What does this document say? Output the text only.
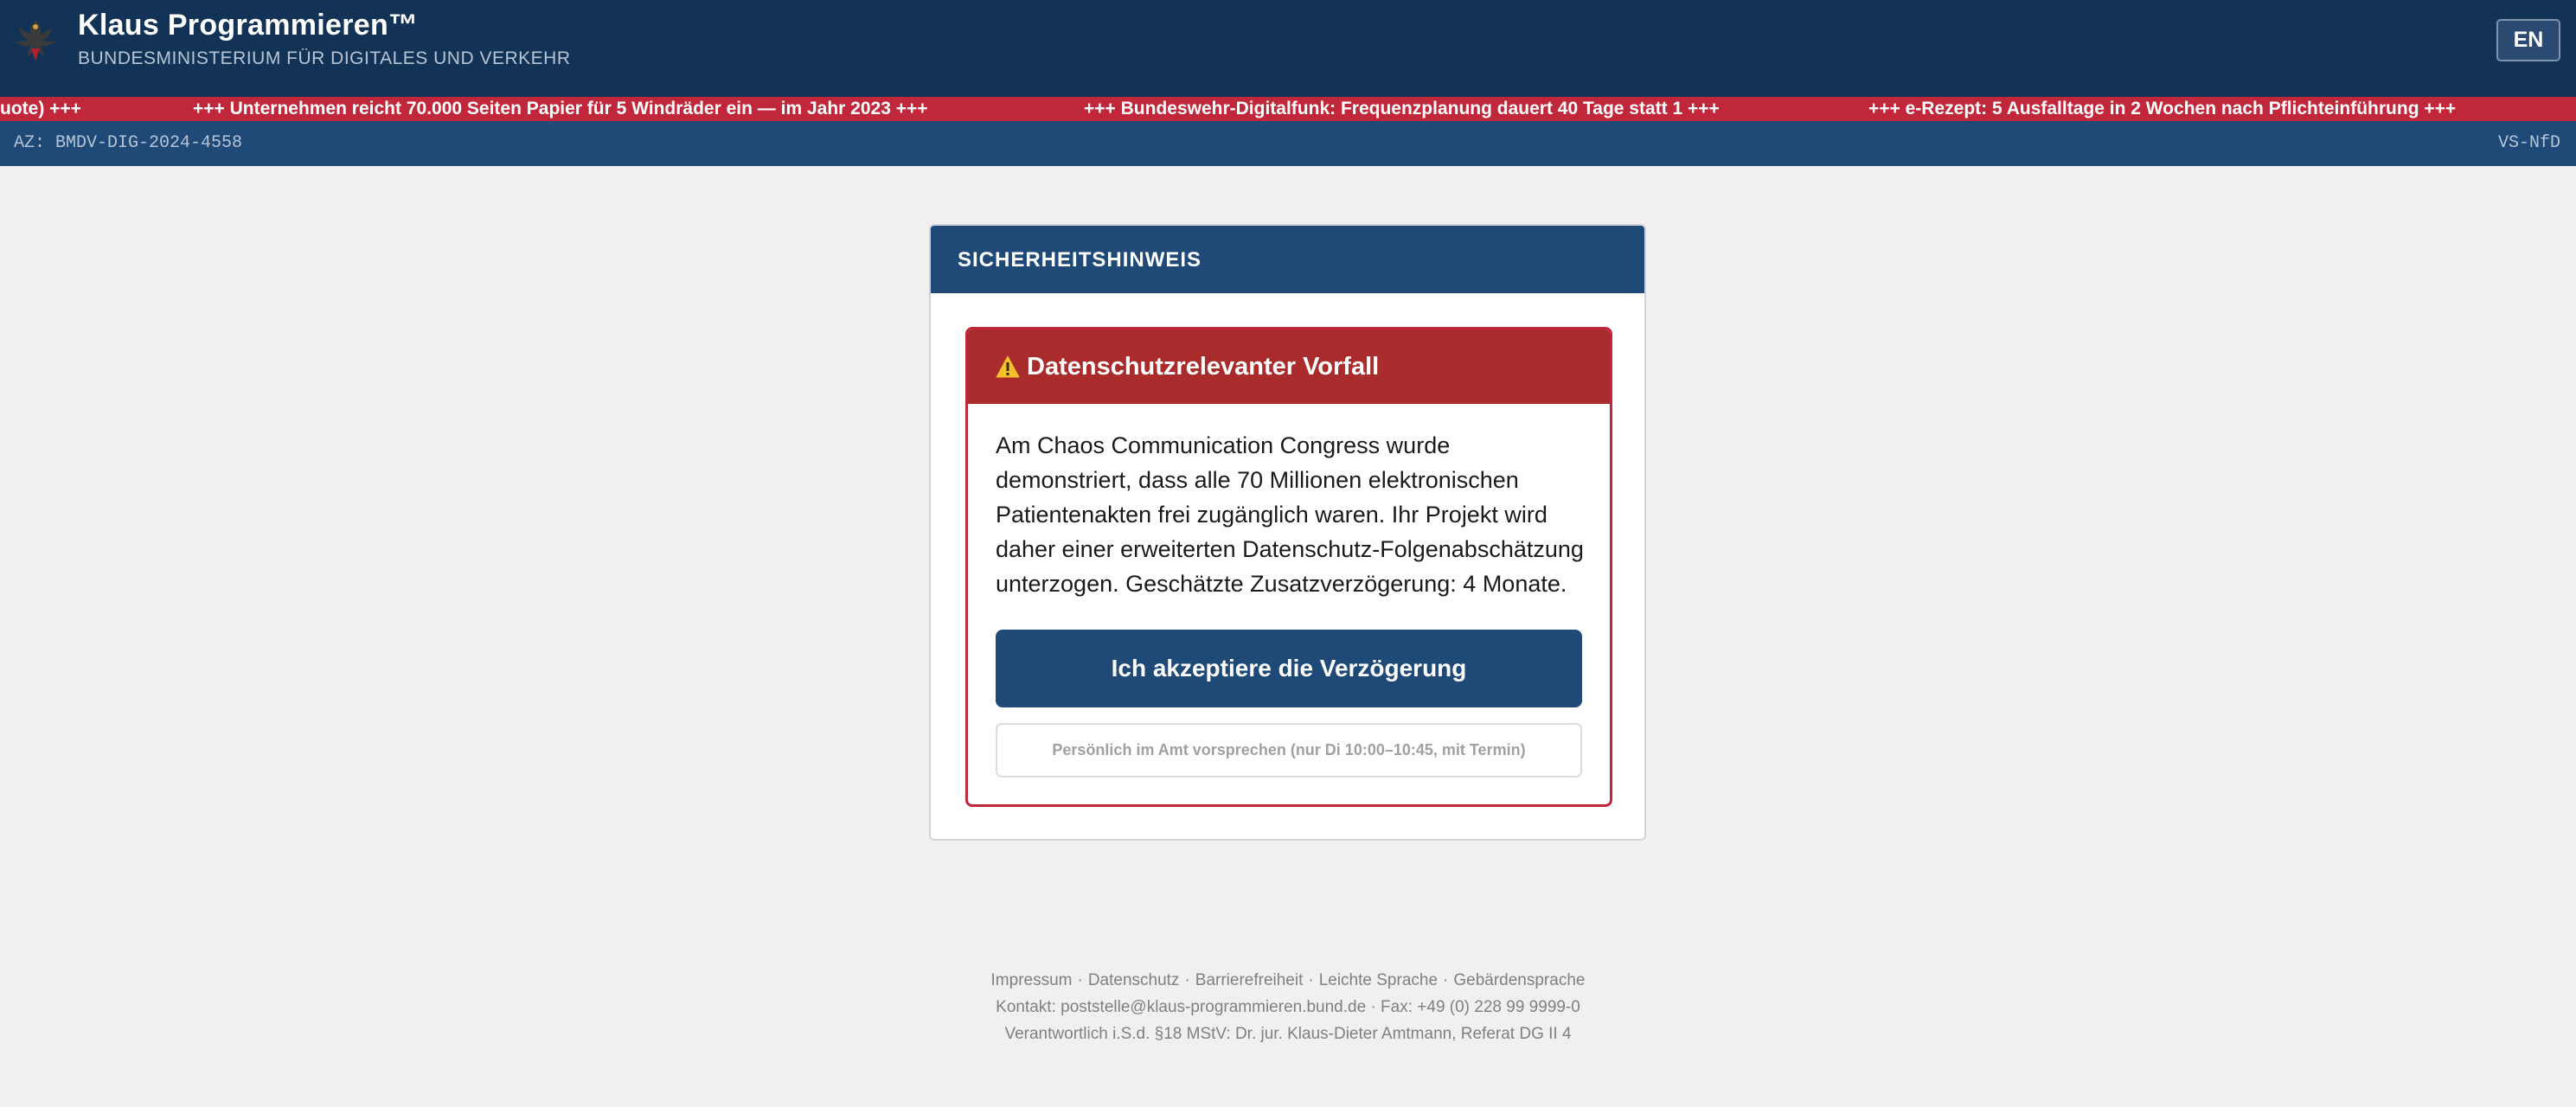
Klaus Programmieren™
BUNDESMINISTERIUM FÜR DIGITALES UND VERKEHR
EN
uote) +++	+++ Unternehmen reicht 70.000 Seiten Papier für 5 Windräder ein — im Jahr 2023 +++	+++ Bundeswehr-Digitalfunk: Frequenzplanung dauert 40 Tage statt 1 +++	+++ e-Rezept: 5 Ausfalltage in 2 Wochen nach Pflichteinführung +++
AZ: BMDV-DIG-2024-4558	VS-NfD
SICHERHEITSHINWEIS
Datenschutzrelevanter Vorfall
Am Chaos Communication Congress wurde demonstriert, dass alle 70 Millionen elektronischen Patientenakten frei zugänglich waren. Ihr Projekt wird daher einer erweiterten Datenschutz-Folgenabschätzung unterzogen. Geschätzte Zusatzverzögerung: 4 Monate.
Ich akzeptiere die Verzögerung
Persönlich im Amt vorsprechen (nur Di 10:00–10:45, mit Termin)
Impressum · Datenschutz · Barrierefreiheit · Leichte Sprache · Gebärdensprache
Kontakt: poststelle@klaus-programmieren.bund.de · Fax: +49 (0) 228 99 9999-0
Verantwortlich i.S.d. §18 MStV: Dr. jur. Klaus-Dieter Amtmann, Referat DG II 4
